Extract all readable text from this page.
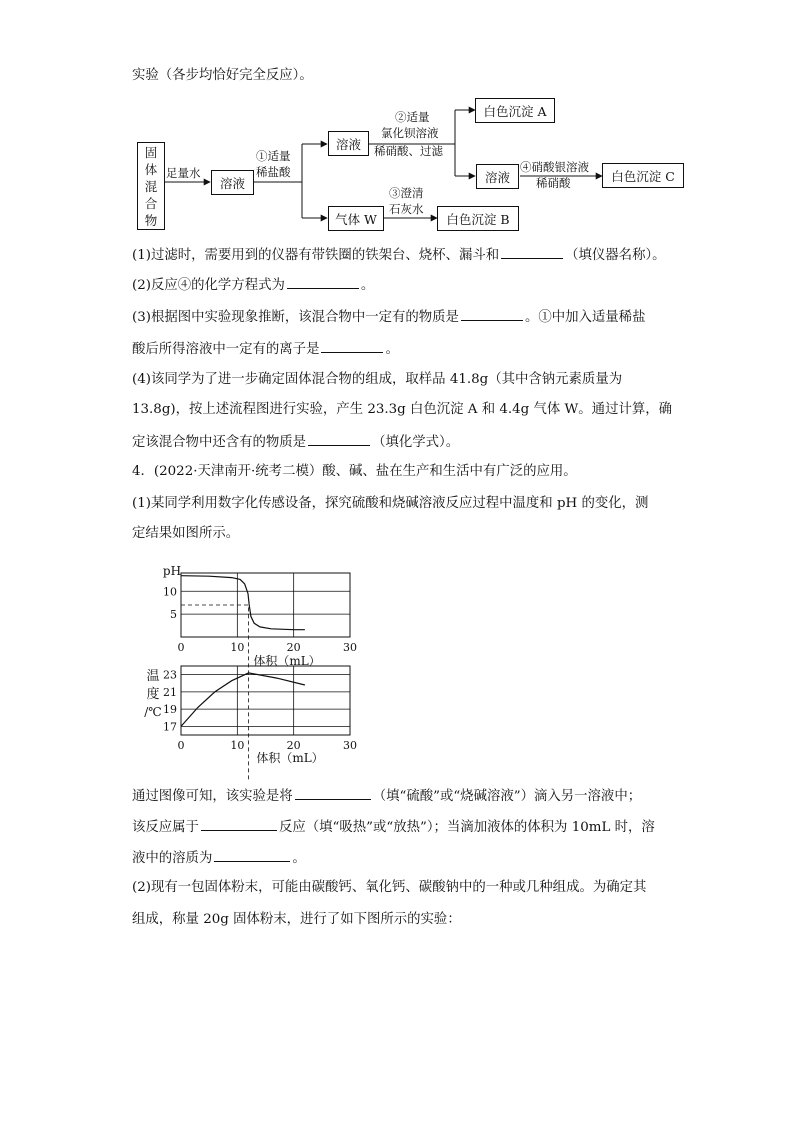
实验（各步均恰好完全反应）。
固
体
混
合
物
足量水
溶液
①适量
稀盐酸
溶液
②适量
氯化钡溶液
稀硝酸、过滤
白色沉淀 A
溶液
④硝酸银溶液
稀硝酸	白色沉淀 C
气体 W
③澄清
石灰水
白色沉淀 B
(1)过滤时，需要用到的仪器有带铁圈的铁架台、烧杯、漏斗和	（填仪器名称）。
(2)反应④的化学方程式为	。
(3)根据图中实验现象推断，该混合物中一定有的物质是	。①中加入适量稀盐
酸后所得溶液中一定有的离子是	。
(4)该同学为了进一步确定固体混合物的组成，取样品 41.8g（其中含钠元素质量为
13.8g)，按上述流程图进行实验，产生 23.3g 白色沉淀 A 和 4.4g 气体 W。通过计算，确
定该混合物中还含有的物质是	（填化学式）。
4．(2022·天津南开·统考二模）酸、碱、盐在生产和生活中有广泛的应用。
(1)某同学利用数字化传感设备，探究硫酸和烧碱溶液反应过程中温度和 pH 的变化，测
定结果如图所示。
5
10
0	10	20	30
pH
体积（mL）
17
19
21
23
0	10	20	30
温
度
/℃
体积（mL）
通过图像可知，该实验是将	（填“硫酸”或“烧碱溶液”）滴入另一溶液中；
该反应属于	反应（填“吸热”或“放热”）；当滴加液体的体积为 10mL 时，溶
液中的溶质为	。
(2)现有一包固体粉末，可能由碳酸钙、氧化钙、碳酸钠中的一种或几种组成。为确定其
组成，称量 20g 固体粉末，进行了如下图所示的实验：
